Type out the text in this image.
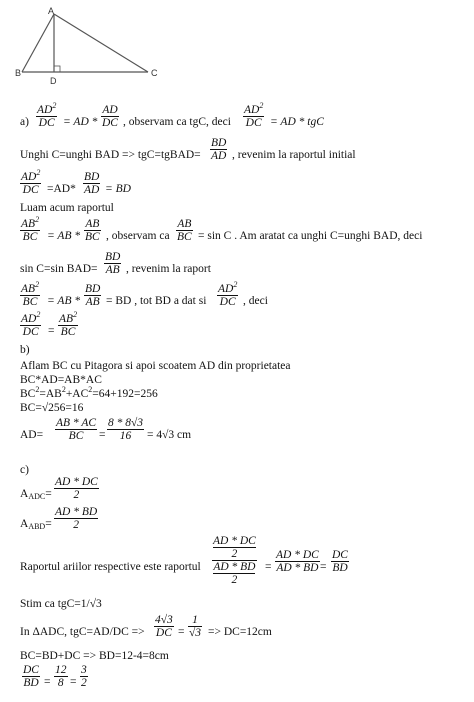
A
B	C
D
a)
$AD^2$
DC = AD *
AD
DC , observam ca tgC, deci
$AD^2$
DC = AD * tgC
Unghi C=unghi BAD => tgC=tgBAD=
BD
AD , revenim la raportul initial
$AD^2$
DC =AD*
BD
AD = BD
Luam acum raportul
$AB^2$
BC = AB *
AB
BC , observam ca
AB
BC = sin C . Am aratat ca unghi C=unghi BAD, deci
sin C=sin BAD=
BD
AB , revenim la raport
$AB^2$
BC = AB *
BD
AB = BD , tot BD a dat si
$AD^2$
DC , deci
$AD^2$
DC =
$AB^2$
BC
b)
Aflam BC cu Pitagora si apoi scoatem AD din proprietatea
BC*AD=AB*AC
$BC^2=AB^2+AC^2=64+192=256$
BC=√256=16
AD=
AB * AC
BC =
8 * 8√3
16 = 4√3 cm
c)
$A_{ADC}=$
AD * DC
2
$A_{ABD}=$
AD * BD
2
Raportul ariilor respective este raportul
AD * DC
2
AD * BD
2
=
AD * DC
AD * BD =
DC
BD
Stim ca tgC=1/√3
In ΔADC, tgC=AD/DC =>
4√3
DC =
1
√3 => DC=12cm
BC=BD+DC => BD=12-4=8cm
DC
BD =
12
8 =
3
2
